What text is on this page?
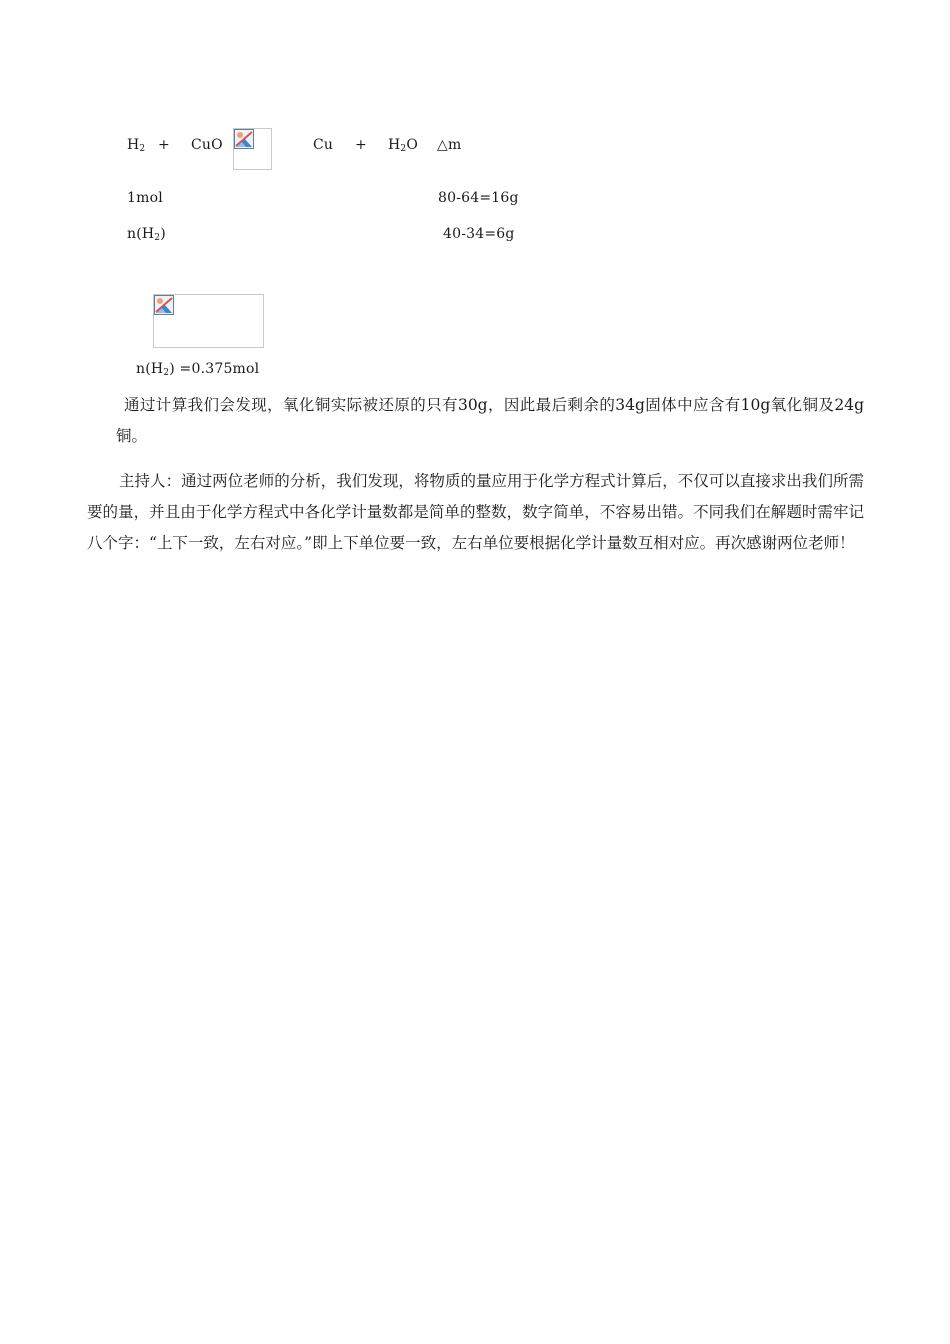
$H_2$ + CuO	$Cu + H_2O$ △m
1mol	80-64=16g
$n(H_2)$	40-34=6g
$n(H_2) =0.375mol$
通过计算我们会发现，氧化铜实际被还原的只有30g，因此最后剩余的34g固体中应含有10g氧化铜及24g铜。
主持人：通过两位老师的分析，我们发现，将物质的量应用于化学方程式计算后，不仅可以直接求出我们所需要的量，并且由于化学方程式中各化学计量数都是简单的整数，数字简单，不容易出错。不同我们在解题时需牢记八个字：“上下一致，左右对应。”即上下单位要一致，左右单位要根据化学计量数互相对应。再次感谢两位老师！
